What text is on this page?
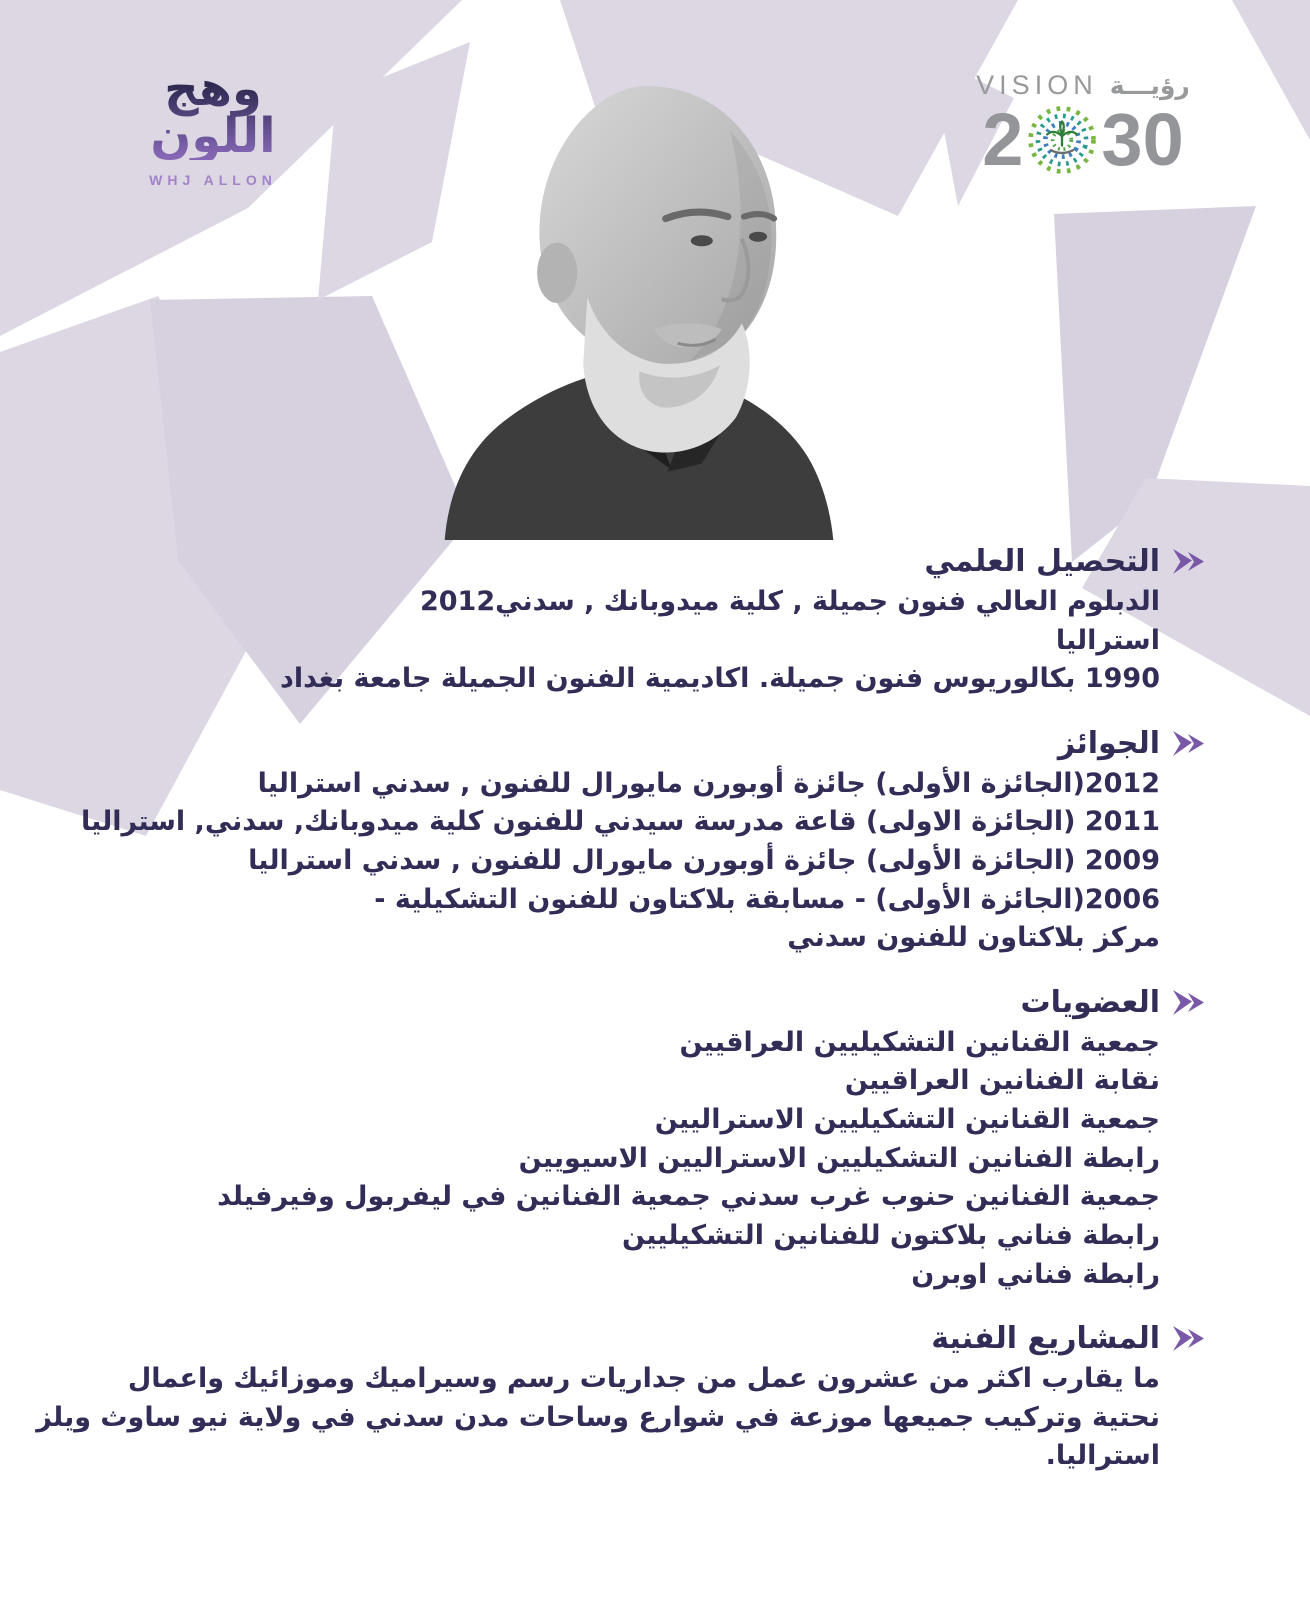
وهج
اللون
WHJ ALLON
VISION رؤيـــة
2 30
التحصيل العلمي
الدبلوم العالي فنون جميلة , كلية ميدوبانك , سدني2012
استراليا
1990 بكالوريوس فنون جميلة. اكاديمية الفنون الجميلة جامعة بغداد
الجوائز
2012(الجائزة الأولى) جائزة أوبورن مايورال للفنون , سدني استراليا
2011 (الجائزة الاولى) قاعة مدرسة سيدني للفنون كلية ميدوبانك, سدني, استراليا
2009 (الجائزة الأولى) جائزة أوبورن مايورال للفنون , سدني استراليا
2006(الجائزة الأولى) - مسابقة بلاكتاون للفنون التشكيلية -
مركز بلاكتاون للفنون سدني
العضويات
جمعية القنانين التشكيليين العراقيين
نقابة الفنانين العراقيين
جمعية القنانين التشكيليين الاستراليين
رابطة الفنانين التشكيليين الاستراليين الاسيويين
جمعية الفنانين حنوب غرب سدني جمعية الفنانين في ليفربول وفيرفيلد
رابطة فناني بلاكتون للفنانين التشكيليين
رابطة فناني اوبرن
المشاريع الفنية
ما يقارب اكثر من عشرون عمل من جداريات رسم وسيراميك وموزائيك واعمال
نحتية وتركيب جميعها موزعة في شوارع وساحات مدن سدني في ولاية نيو ساوث ويلز
استراليا.
